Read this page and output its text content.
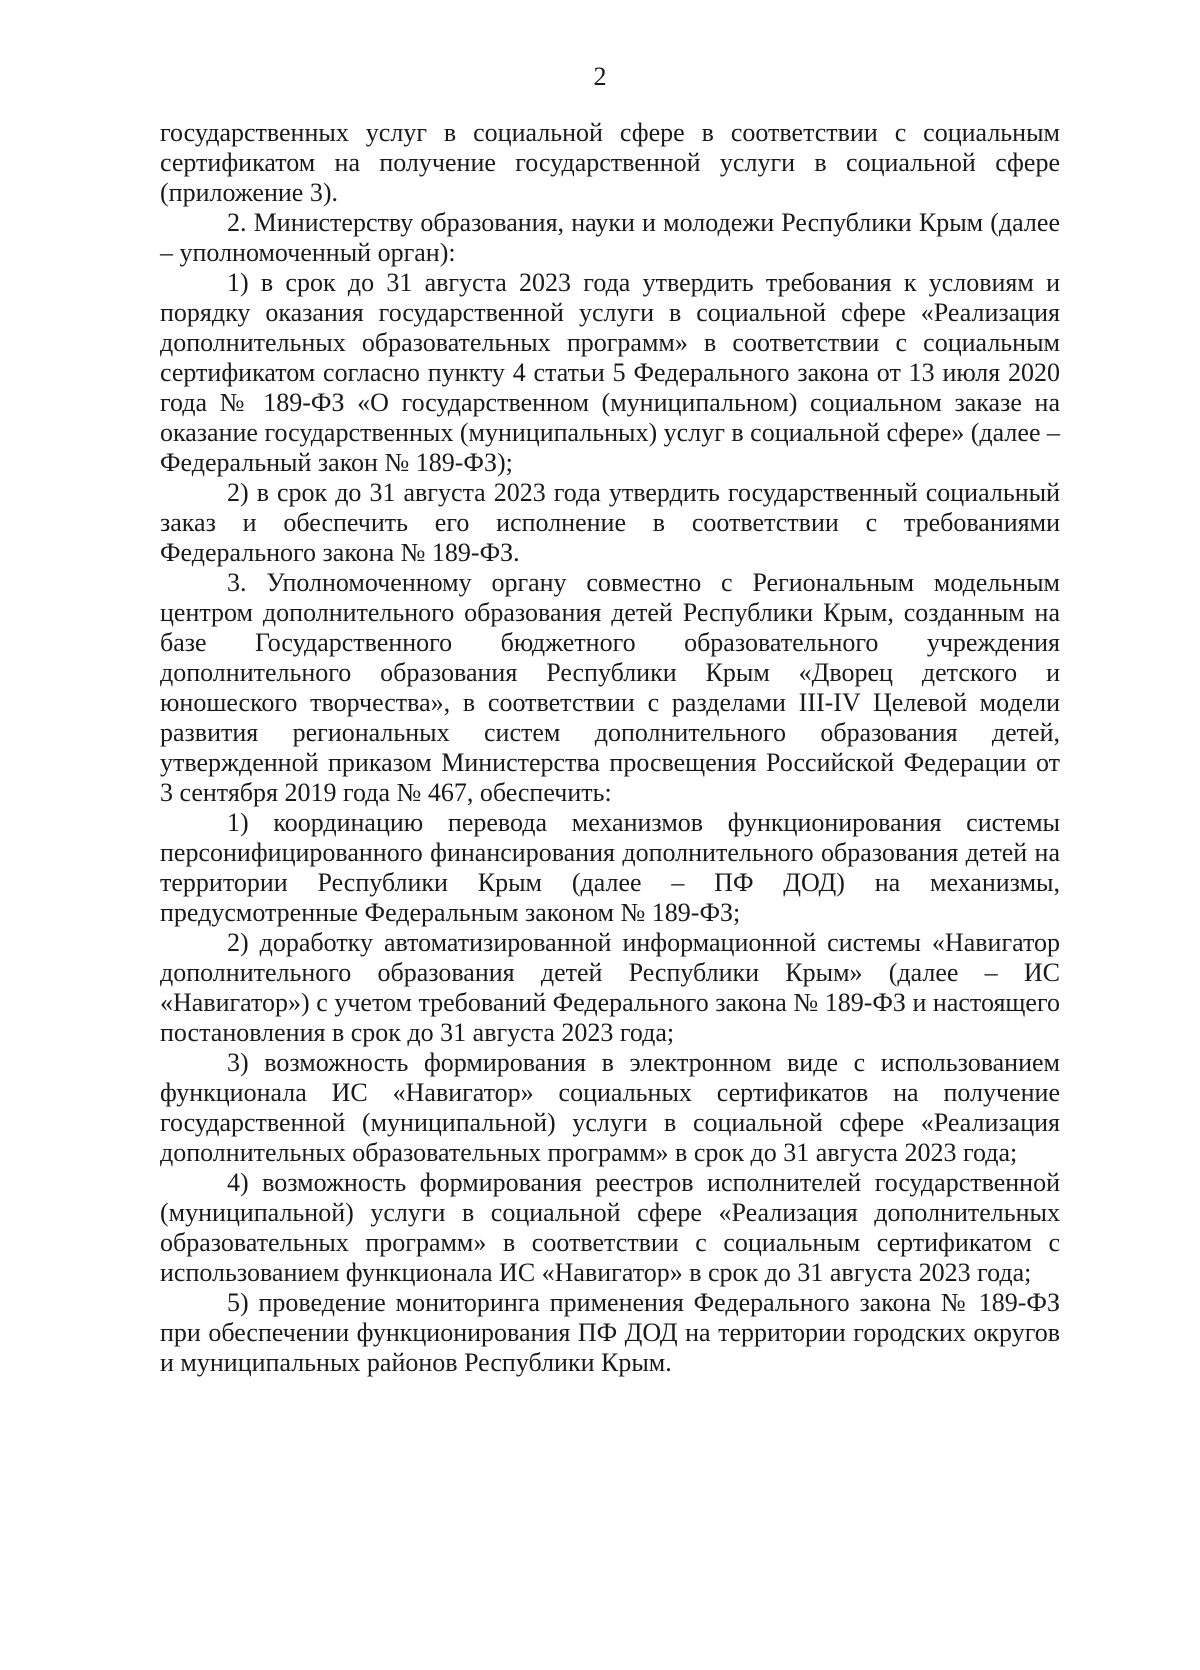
2

государственных услуг в социальной сфере в соответствии с социальным сертификатом на получение государственной услуги в социальной сфере (приложение 3).

2. Министерству образования, науки и молодежи Республики Крым (далее – уполномоченный орган):

1) в срок до 31 августа 2023 года утвердить требования к условиям и порядку оказания государственной услуги в социальной сфере «Реализация дополнительных образовательных программ» в соответствии с социальным сертификатом согласно пункту 4 статьи 5 Федерального закона от 13 июля 2020 года № 189-ФЗ «О государственном (муниципальном) социальном заказе на оказание государственных (муниципальных) услуг в социальной сфере» (далее – Федеральный закон № 189-ФЗ);

2) в срок до 31 августа 2023 года утвердить государственный социальный заказ и обеспечить его исполнение в соответствии с требованиями Федерального закона № 189-ФЗ.

3. Уполномоченному органу совместно с Региональным модельным центром дополнительного образования детей Республики Крым, созданным на базе Государственного бюджетного образовательного учреждения дополнительного образования Республики Крым «Дворец детского и юношеского творчества», в соответствии с разделами III-IV Целевой модели развития региональных систем дополнительного образования детей, утвержденной приказом Министерства просвещения Российской Федерации от 3 сентября 2019 года № 467, обеспечить:

1) координацию перевода механизмов функционирования системы персонифицированного финансирования дополнительного образования детей на территории Республики Крым (далее – ПФ ДОД) на механизмы, предусмотренные Федеральным законом № 189-ФЗ;

2) доработку автоматизированной информационной системы «Навигатор дополнительного образования детей Республики Крым» (далее – ИС «Навигатор») с учетом требований Федерального закона № 189-ФЗ и настоящего постановления в срок до 31 августа 2023 года;

3) возможность формирования в электронном виде с использованием функционала ИС «Навигатор» социальных сертификатов на получение государственной (муниципальной) услуги в социальной сфере «Реализация дополнительных образовательных программ» в срок до 31 августа 2023 года;

4) возможность формирования реестров исполнителей государственной (муниципальной) услуги в социальной сфере «Реализация дополнительных образовательных программ» в соответствии с социальным сертификатом с использованием функционала ИС «Навигатор» в срок до 31 августа 2023 года;

5) проведение мониторинга применения Федерального закона № 189-ФЗ при обеспечении функционирования ПФ ДОД на территории городских округов и муниципальных районов Республики Крым.
